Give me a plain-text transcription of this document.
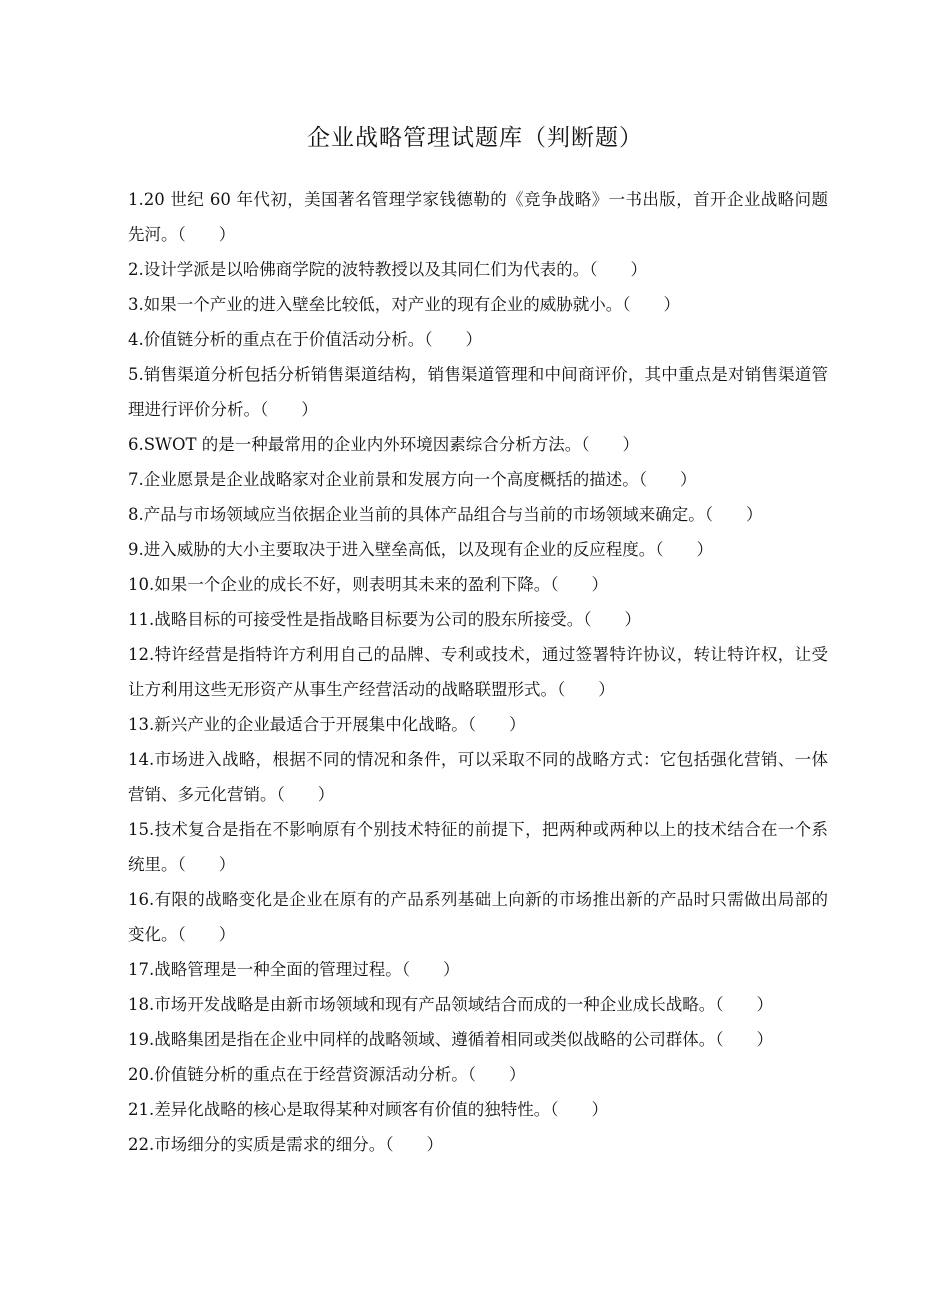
企业战略管理试题库（判断题）
1.20 世纪 60 年代初，美国著名管理学家钱德勒的《竞争战略》一书出版，首开企业战略问题先河。（　　）
2.设计学派是以哈佛商学院的波特教授以及其同仁们为代表的。（　　）
3.如果一个产业的进入壁垒比较低，对产业的现有企业的威胁就小。（　　）
4.价值链分析的重点在于价值活动分析。（　　）
5.销售渠道分析包括分析销售渠道结构，销售渠道管理和中间商评价，其中重点是对销售渠道管理进行评价分析。（　　）
6.SWOT 的是一种最常用的企业内外环境因素综合分析方法。（　　）
7.企业愿景是企业战略家对企业前景和发展方向一个高度概括的描述。（　　）
8.产品与市场领域应当依据企业当前的具体产品组合与当前的市场领域来确定。（　　）
9.进入威胁的大小主要取决于进入壁垒高低，以及现有企业的反应程度。（　　）
10.如果一个企业的成长不好，则表明其未来的盈利下降。（　　）
11.战略目标的可接受性是指战略目标要为公司的股东所接受。（　　）
12.特许经营是指特许方利用自己的品牌、专利或技术，通过签署特许协议，转让特许权，让受让方利用这些无形资产从事生产经营活动的战略联盟形式。（　　）
13.新兴产业的企业最适合于开展集中化战略。（　　）
14.市场进入战略，根据不同的情况和条件，可以采取不同的战略方式：它包括强化营销、一体营销、多元化营销。（　　）
15.技术复合是指在不影响原有个别技术特征的前提下，把两种或两种以上的技术结合在一个系统里。（　　）
16.有限的战略变化是企业在原有的产品系列基础上向新的市场推出新的产品时只需做出局部的变化。（　　）
17.战略管理是一种全面的管理过程。（　　）
18.市场开发战略是由新市场领域和现有产品领域结合而成的一种企业成长战略。（　　）
19.战略集团是指在企业中同样的战略领域、遵循着相同或类似战略的公司群体。（　　）
20.价值链分析的重点在于经营资源活动分析。（　　）
21.差异化战略的核心是取得某种对顾客有价值的独特性。（　　）
22.市场细分的实质是需求的细分。（　　）
